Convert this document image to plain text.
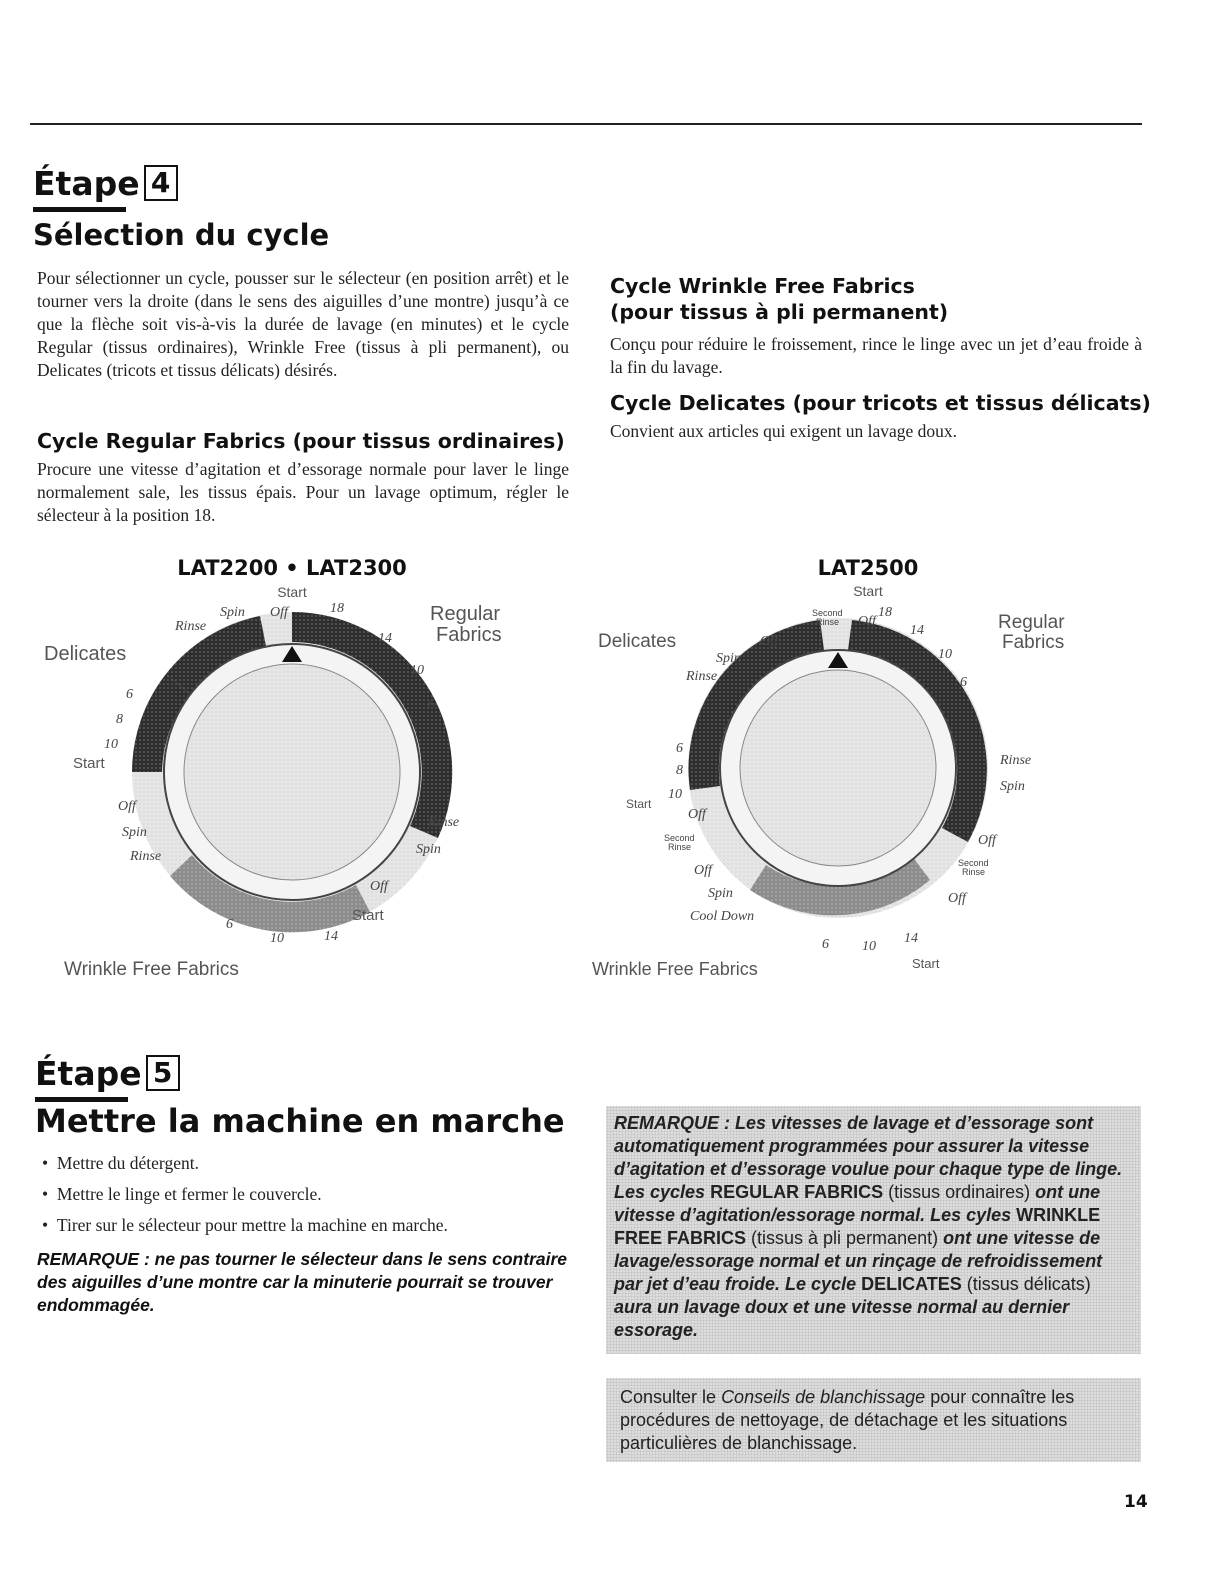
Étape 4
Sélection du cycle
Pour sélectionner un cycle, pousser sur le sélecteur (en position arrêt) et le tourner vers la droite (dans le sens des aiguilles d’une montre) jusqu’à ce que la flèche soit vis-à-vis la durée de lavage (en minutes) et le cycle Regular (tissus ordinaires), Wrinkle Free (tissus à pli permanent), ou Delicates (tricots et tissus délicats) désirés.
Cycle Regular Fabrics (pour tissus ordinaires)
Procure une vitesse d’agitation et d’essorage normale pour laver le linge normalement sale, les tissus épais. Pour un lavage optimum, régler le sélecteur à la position 18.
Cycle Wrinkle Free Fabrics
(pour tissus à pli permanent)
Conçu pour réduire le froissement, rince le linge avec un jet d’eau froide à la fin du lavage.
Cycle Delicates (pour tricots et tissus délicats)
Convient aux articles qui exigent un lavage doux.
LAT2200 • LAT2300
Start
Regular
Fabrics
Delicates
18
14
10
6
Rinse
Spin
Off
Rinse
Spin Off
6
8
10
Start
Off
Spin
Rinse
6
10	14
Start
Wrinkle Free Fabrics
LAT2500
Start
Regular
Fabrics
Delicates
Second
Rinse Off
18
14
10
6
Off
Spin
Rinse
Rinse
Spin
Off
Second
Rinse
Off
6
8
10
Start
Off
Second
Rinse
Off
Spin
Cool Down
6 10
14
Start
Wrinkle Free Fabrics
Étape 5
Mettre la machine en marche
•  Mettre du détergent.
•  Mettre le linge et fermer le couvercle.
•  Tirer sur le sélecteur pour mettre la machine en marche.
REMARQUE : ne pas tourner le sélecteur dans le sens contraire des aiguilles d’une montre car la minuterie pourrait se trouver endommagée.
REMARQUE : Les vitesses de lavage et d’essorage sont automatiquement programmées pour assurer la vitesse d’agitation et d’essorage voulue pour chaque type de linge. Les cycles REGULAR FABRICS (tissus ordinaires) ont une vitesse d’agitation/essorage normal. Les cyles WRINKLE FREE FABRICS (tissus à pli permanent) ont une vitesse de lavage/essorage normal et un rinçage de refroidissement par jet d’eau froide. Le cycle DELICATES (tissus délicats) aura un lavage doux et une vitesse normal au dernier essorage.
Consulter le Conseils de blanchissage pour connaître les procédures de nettoyage, de détachage et les situations particulières de blanchissage.
14
